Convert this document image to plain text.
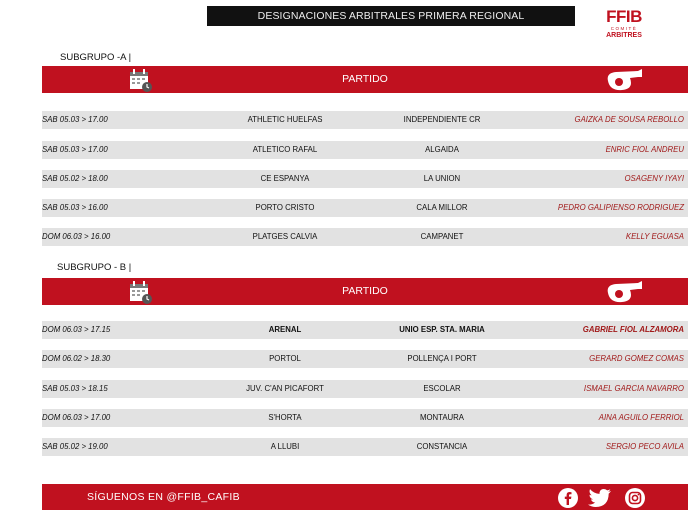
DESIGNACIONES ARBITRALES PRIMERA REGIONAL	FFIB
COMITÈ
ARBITRES
SUBGRUPO -A |
PARTIDO
SAB 05.03 > 17.00	ATHLETIC HUELFAS	INDEPENDIENTE CR	GAIZKA DE SOUSA REBOLLO
SAB 05.03 > 17.00	ATLETICO RAFAL	ALGAIDA	ENRIC FIOL ANDREU
SAB 05.02 > 18.00	CE ESPANYA	LA UNION	OSAGENY IYAYI
SAB 05.03 > 16.00	PORTO CRISTO	CALA MILLOR	PEDRO GALIPIENSO RODRIGUEZ
DOM 06.03 > 16.00	PLATGES CALVIA	CAMPANET	KELLY EGUASA
SUBGRUPO - B |
PARTIDO
DOM 06.03 > 17.15	ARENAL	UNIO ESP. STA. MARIA	GABRIEL FIOL ALZAMORA
DOM 06.02 > 18.30	PORTOL	POLLENÇA I PORT	GERARD GOMEZ COMAS
SAB 05.03 > 18.15	JUV. C'AN PICAFORT	ESCOLAR	ISMAEL GARCIA NAVARRO
DOM 06.03 > 17.00	S'HORTA	MONTAURA	AINA AGUILO FERRIOL
SAB 05.02 > 19.00	A LLUBI	CONSTANCIA	SERGIO PECO AVILA
SÍGUENOS EN @FFIB_CAFIB
